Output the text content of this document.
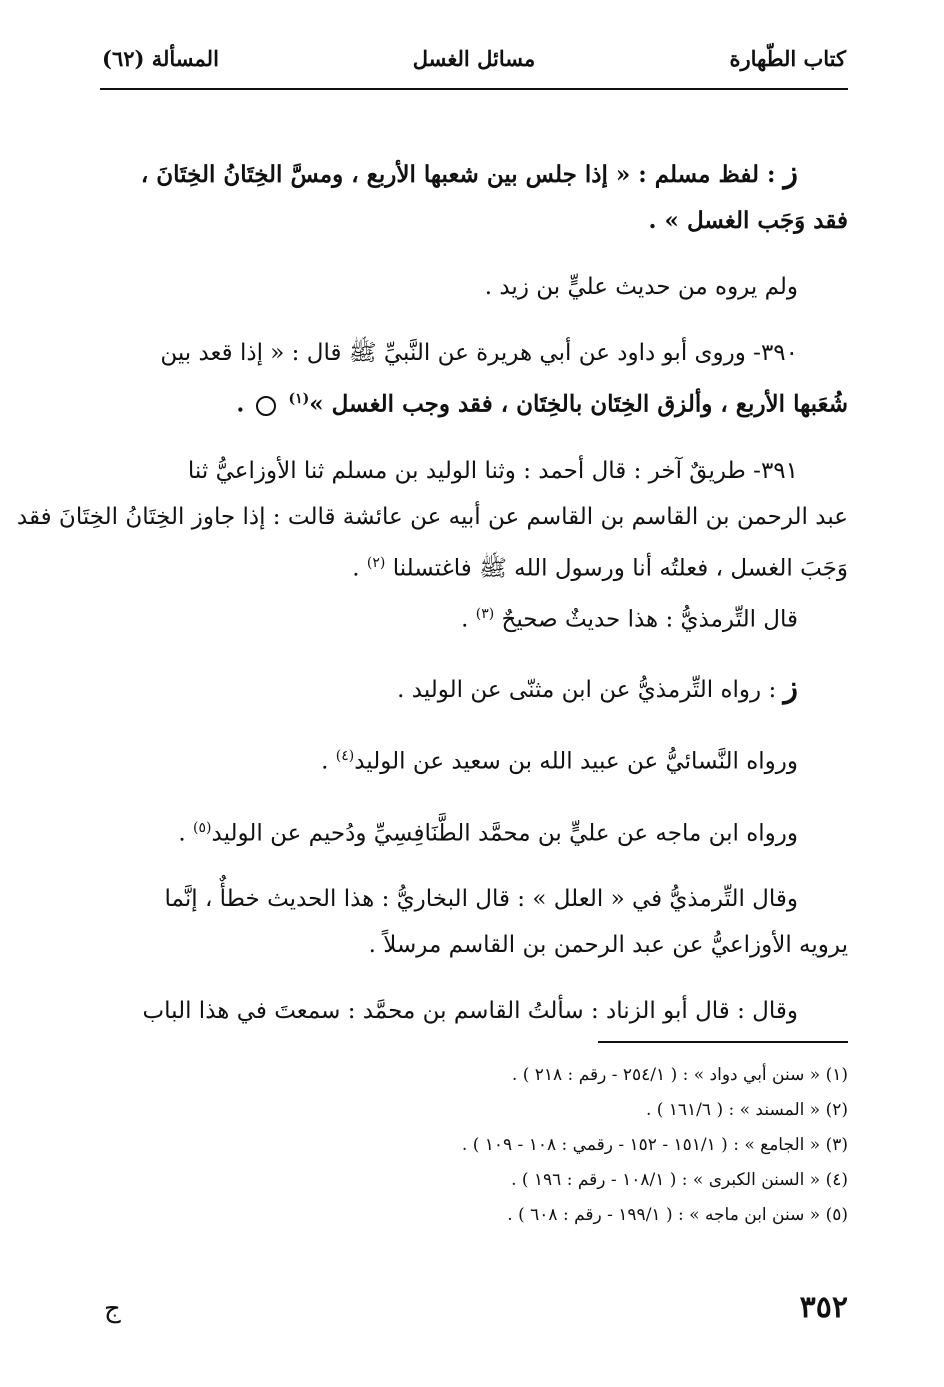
كتاب الطّهارة
مسائل الغسل
المسألة (٦٢)
ز : لفظ مسلم : « إذا جلس بين شعبها الأربع ، ومسَّ الخِتَانُ الخِتَانَ ،
فقد وَجَب الغسل » .
ولم يروه من حديث عليٍّ بن زيد .
٣٩٠- وروى أبو داود عن أبي هريرة عن النَّبيِّ ﷺ قال : « إذا قعد بين
شُعَبها الأربع ، وألزق الخِتَان بالخِتَان ، فقد وجب الغسل »$^{(١)}$  .
٣٩١- طريقٌ آخر : قال أحمد : وثنا الوليد بن مسلم ثنا الأوزاعيُّ ثنا
عبد الرحمن بن القاسم بن القاسم عن أبيه عن عائشة قالت : إذا جاوز الخِتَانُ الخِتَانَ فقد
وَجَبَ الغسل ، فعلتُه أنا ورسول الله ﷺ فاغتسلنا $^{(٢)}$ .
قال التِّرمذيُّ : هذا حديثٌ صحيحٌ $^{(٣)}$ .
ز : رواه التِّرمذيُّ عن ابن مثنّى عن الوليد .
ورواه النَّسائيُّ عن عبيد الله بن سعيد عن الوليد$^{(٤)}$ .
ورواه ابن ماجه عن عليٍّ بن محمَّد الطَّنَافِسِيِّ ودُحيم عن الوليد$^{(٥)}$ .
وقال التِّرمذيُّ في « العلل » : قال البخاريُّ : هذا الحديث خطأٌ ، إنَّما
يرويه الأوزاعيُّ عن عبد الرحمن بن القاسم مرسلاً .
وقال : قال أبو الزناد : سألتُ القاسم بن محمَّد : سمعتَ في هذا الباب
(١) « سنن أبي دواد » : ( ٢٥٤/١ - رقم : ٢١٨ ) .
(٢) « المسند » : ( ١٦١/٦ ) .
(٣) « الجامع » : ( ١٥١/١ - ١٥٢ - رقمي : ١٠٨ - ١٠٩ ) .
(٤) « السنن الكبرى » : ( ١٠٨/١ - رقم : ١٩٦ ) .
(٥) « سنن ابن ماجه » : ( ١٩٩/١ - رقم : ٦٠٨ ) .
٣٥٢
ج
